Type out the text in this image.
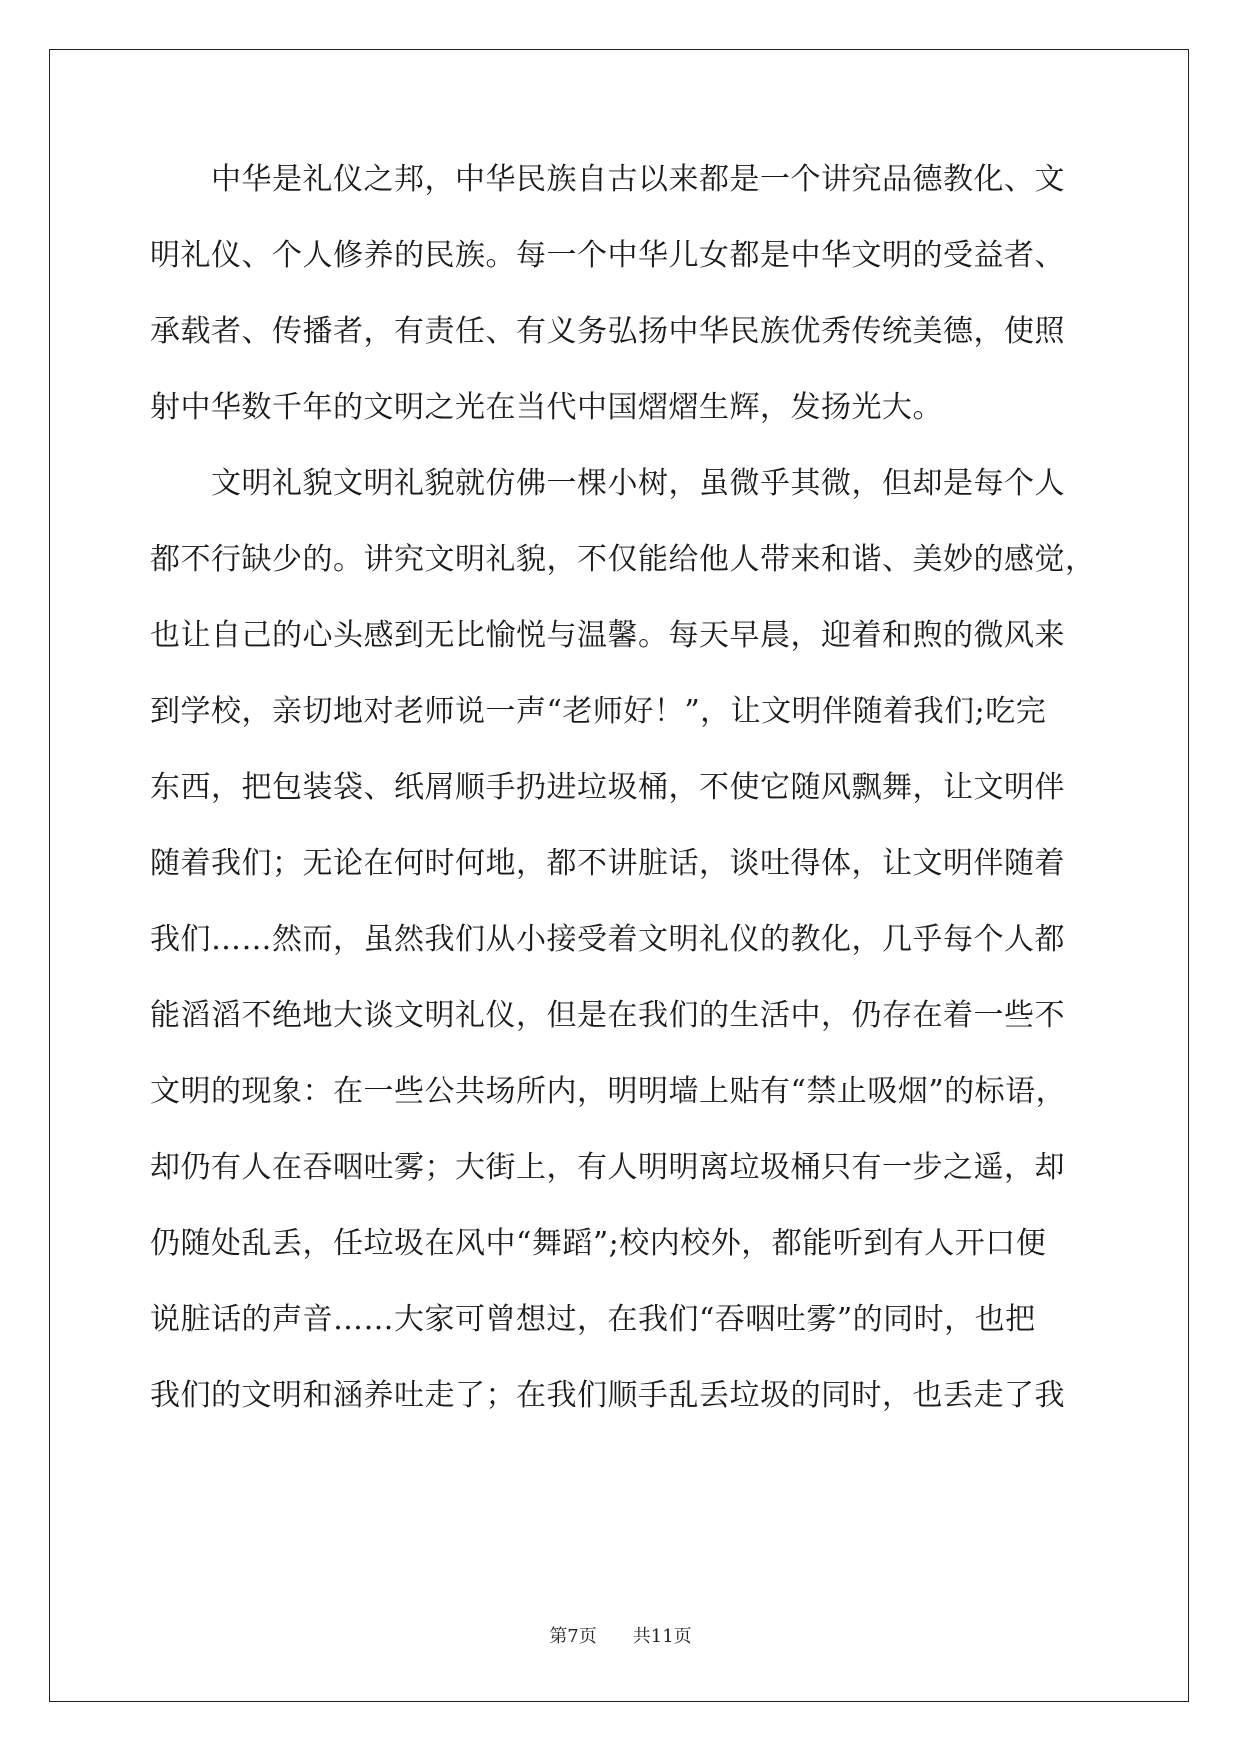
　　中华是礼仪之邦，中华民族自古以来都是一个讲究品德教化、文
明礼仪、个人修养的民族。每一个中华儿女都是中华文明的受益者、
承载者、传播者，有责任、有义务弘扬中华民族优秀传统美德，使照
射中华数千年的文明之光在当代中国熠熠生辉，发扬光大。
　　文明礼貌文明礼貌就仿佛一棵小树，虽微乎其微，但却是每个人
都不行缺少的。讲究文明礼貌，不仅能给他人带来和谐、美妙的感觉，
也让自己的心头感到无比愉悦与温馨。每天早晨，迎着和煦的微风来
到学校，亲切地对老师说一声“老师好！”，让文明伴随着我们;吃完
东西，把包装袋、纸屑顺手扔进垃圾桶，不使它随风飘舞，让文明伴
随着我们；无论在何时何地，都不讲脏话，谈吐得体，让文明伴随着
我们……然而，虽然我们从小接受着文明礼仪的教化，几乎每个人都
能滔滔不绝地大谈文明礼仪，但是在我们的生活中，仍存在着一些不
文明的现象：在一些公共场所内，明明墙上贴有“禁止吸烟”的标语，
却仍有人在吞咽吐雾；大街上，有人明明离垃圾桶只有一步之遥，却
仍随处乱丢，任垃圾在风中“舞蹈”;校内校外，都能听到有人开口便
说脏话的声音……大家可曾想过，在我们“吞咽吐雾”的同时，也把
我们的文明和涵养吐走了；在我们顺手乱丢垃圾的同时，也丢走了我
第7页　　共11页
